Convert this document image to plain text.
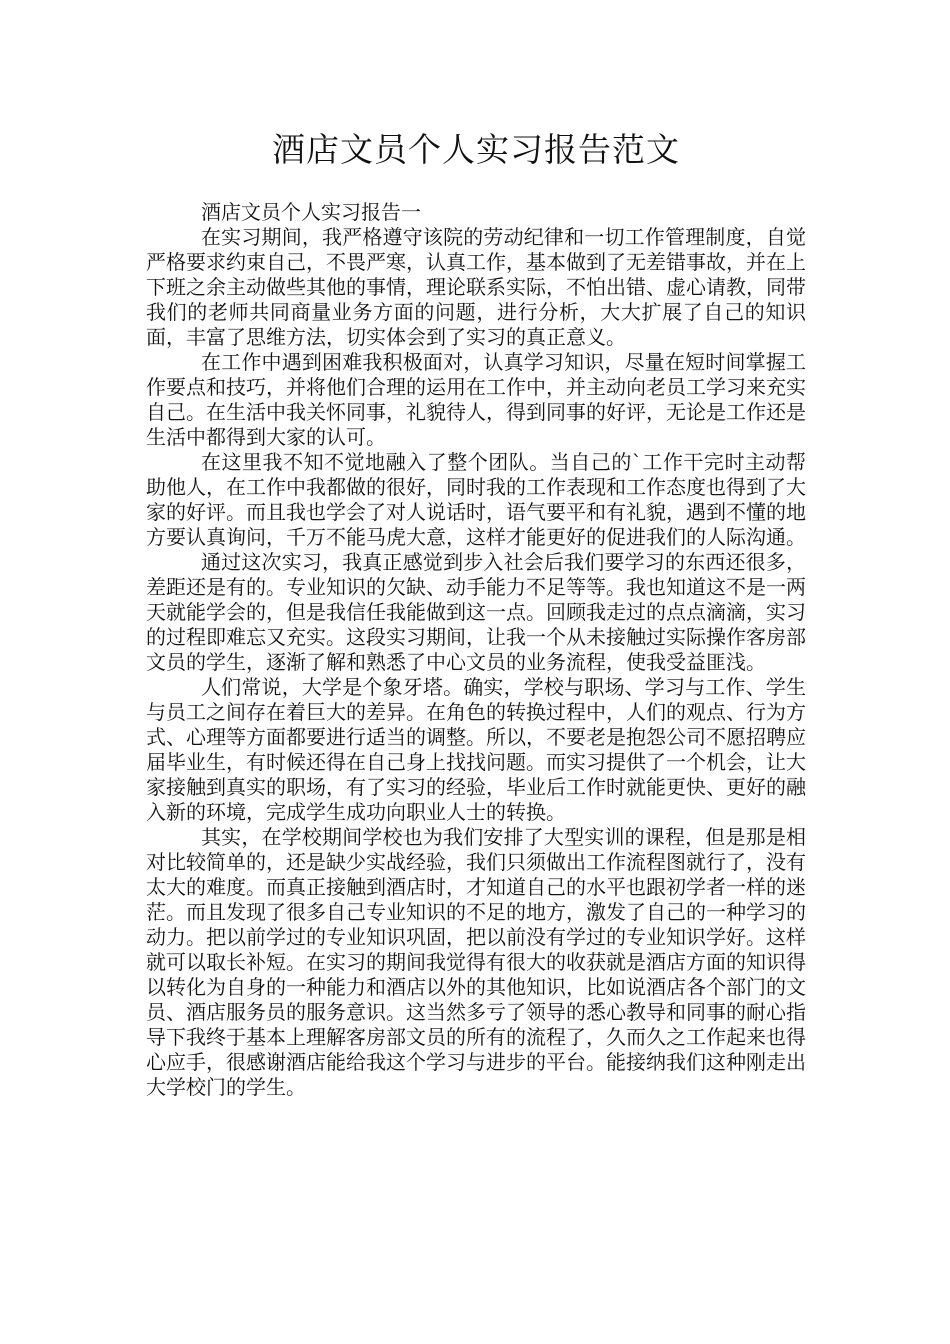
酒店文员个人实习报告范文

酒店文员个人实习报告一

在实习期间，我严格遵守该院的劳动纪律和一切工作管理制度，自觉严格要求约束自己，不畏严寒，认真工作，基本做到了无差错事故，并在上下班之余主动做些其他的事情，理论联系实际，不怕出错、虚心请教，同带我们的老师共同商量业务方面的问题，进行分析，大大扩展了自己的知识面，丰富了思维方法，切实体会到了实习的真正意义。

在工作中遇到困难我积极面对，认真学习知识，尽量在短时间掌握工作要点和技巧，并将他们合理的运用在工作中，并主动向老员工学习来充实自己。在生活中我关怀同事，礼貌待人，得到同事的好评，无论是工作还是生活中都得到大家的认可。

在这里我不知不觉地融入了整个团队。当自己的`工作干完时主动帮助他人，在工作中我都做的很好，同时我的工作表现和工作态度也得到了大家的好评。而且我也学会了对人说话时，语气要平和有礼貌，遇到不懂的地方要认真询问，千万不能马虎大意，这样才能更好的促进我们的人际沟通。

通过这次实习，我真正感觉到步入社会后我们要学习的东西还很多，差距还是有的。专业知识的欠缺、动手能力不足等等。我也知道这不是一两天就能学会的，但是我信任我能做到这一点。回顾我走过的点点滴滴，实习的过程即难忘又充实。这段实习期间，让我一个从未接触过实际操作客房部文员的学生，逐渐了解和熟悉了中心文员的业务流程，使我受益匪浅。

人们常说，大学是个象牙塔。确实，学校与职场、学习与工作、学生与员工之间存在着巨大的差异。在角色的转换过程中，人们的观点、行为方式、心理等方面都要进行适当的调整。所以，不要老是抱怨公司不愿招聘应届毕业生，有时候还得在自己身上找找问题。而实习提供了一个机会，让大家接触到真实的职场，有了实习的经验，毕业后工作时就能更快、更好的融入新的环境，完成学生成功向职业人士的转换。

其实，在学校期间学校也为我们安排了大型实训的课程，但是那是相对比较简单的，还是缺少实战经验，我们只须做出工作流程图就行了，没有太大的难度。而真正接触到酒店时，才知道自己的水平也跟初学者一样的迷茫。而且发现了很多自己专业知识的不足的地方，激发了自己的一种学习的动力。把以前学过的专业知识巩固，把以前没有学过的专业知识学好。这样就可以取长补短。在实习的期间我觉得有很大的收获就是酒店方面的知识得以转化为自身的一种能力和酒店以外的其他知识，比如说酒店各个部门的文员、酒店服务员的服务意识。这当然多亏了领导的悉心教导和同事的耐心指导下我终于基本上理解客房部文员的所有的流程了，久而久之工作起来也得心应手，很感谢酒店能给我这个学习与进步的平台。能接纳我们这种刚走出大学校门的学生。
